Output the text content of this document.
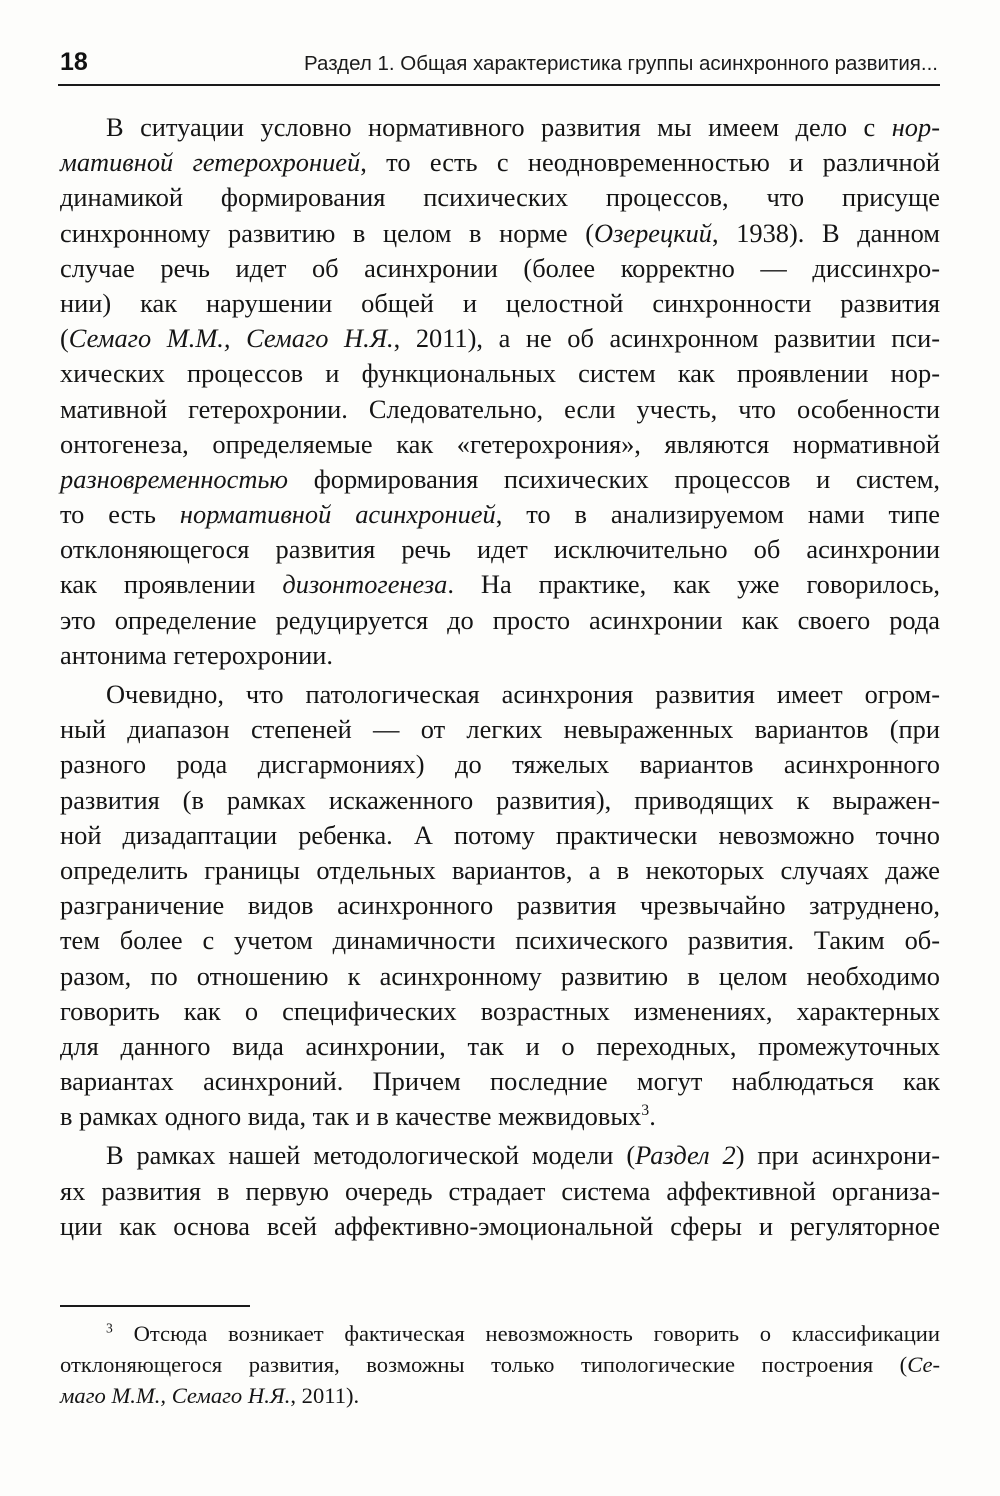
18	Раздел 1. Общая характеристика группы асинхронного развития...
В ситуации условно нормативного развития мы имеем дело с нор-
мативной гетерохронией, то есть с неодновременностью и различной
динамикой формирования психических процессов, что присуще
синхронному развитию в целом в норме (Озерецкий, 1938). В данном
случае речь идет об асинхронии (более корректно — диссинхро-
нии) как нарушении общей и целостной синхронности развития
(Семаго М.М., Семаго Н.Я., 2011), а не об асинхронном развитии пси-
хических процессов и функциональных систем как проявлении нор-
мативной гетерохронии. Следовательно, если учесть, что особенности
онтогенеза, определяемые как «гетерохрония», являются нормативной
разновременностью формирования психических процессов и систем,
то есть нормативной асинхронией, то в анализируемом нами типе
отклоняющегося развития речь идет исключительно об асинхронии
как проявлении дизонтогенеза. На практике, как уже говорилось,
это определение редуцируется до просто асинхронии как своего рода
антонима гетерохронии.
Очевидно, что патологическая асинхрония развития имеет огром-
ный диапазон степеней — от легких невыраженных вариантов (при
разного рода дисгармониях) до тяжелых вариантов асинхронного
развития (в рамках искаженного развития), приводящих к выражен-
ной дизадаптации ребенка. А потому практически невозможно точно
определить границы отдельных вариантов, а в некоторых случаях даже
разграничение видов асинхронного развития чрезвычайно затруднено,
тем более с учетом динамичности психического развития. Таким об-
разом, по отношению к асинхронному развитию в целом необходимо
говорить как о специфических возрастных изменениях, характерных
для данного вида асинхронии, так и о переходных, промежуточных
вариантах асинхроний. Причем последние могут наблюдаться как
в рамках одного вида, так и в качестве межвидовых$^3$.
В рамках нашей методологической модели (Раздел 2) при асинхрони-
ях развития в первую очередь страдает система аффективной организа-
ции как основа всей аффективно-эмоциональной сферы и регуляторное
$^3$ Отсюда возникает фактическая невозможность говорить о классификации
отклоняющегося развития, возможны только типологические построения (Се-
маго М.М., Семаго Н.Я., 2011).
